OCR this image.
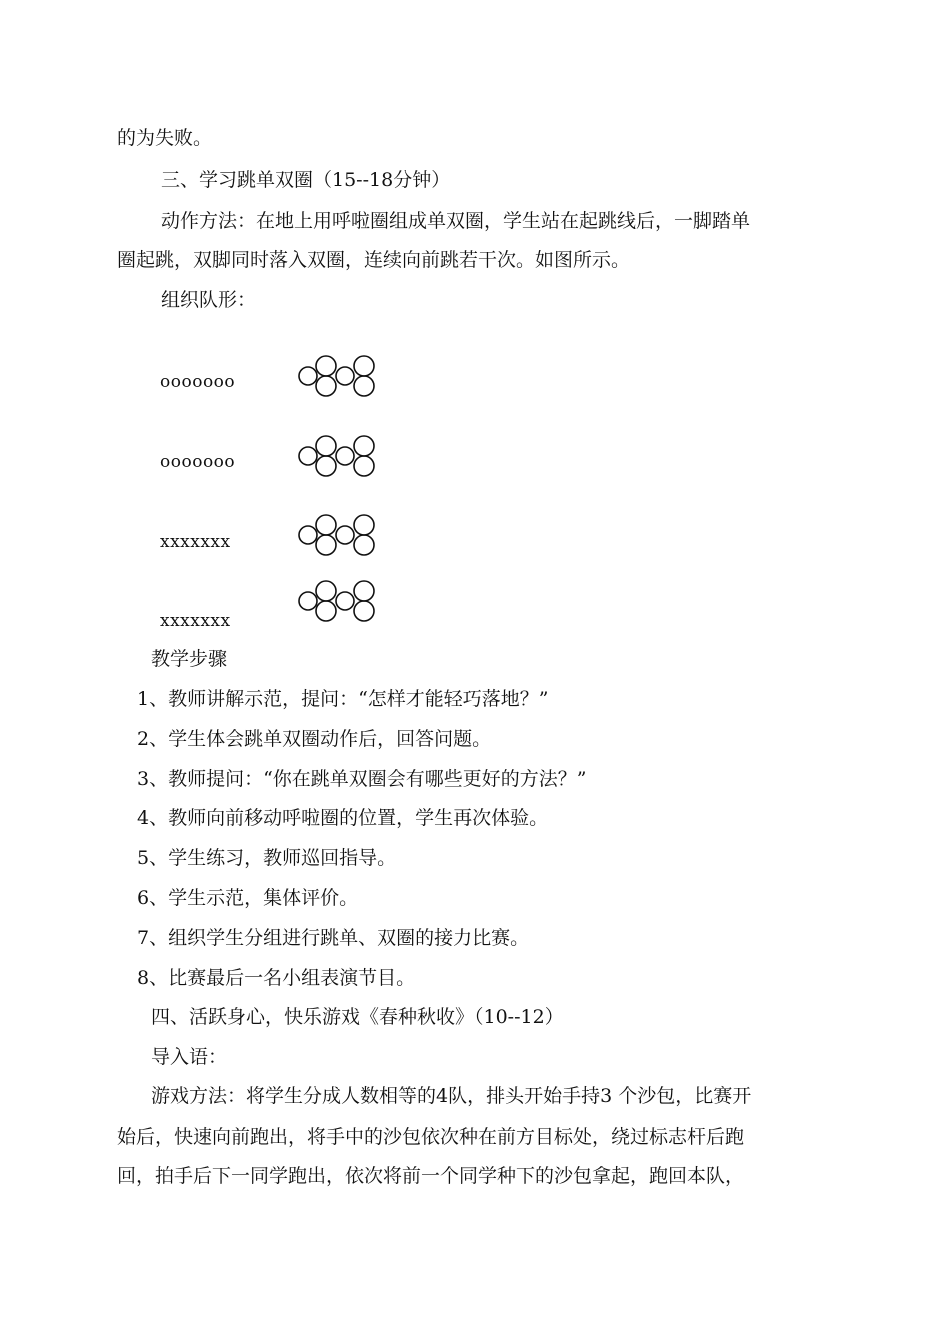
的为失败。
三、学习跳单双圈（15--18分钟）
动作方法：在地上用呼啦圈组成单双圈，学生站在起跳线后，一脚踏单
圈起跳，双脚同时落入双圈，连续向前跳若干次。如图所示。
组织队形：
ooooooo
ooooooo
xxxxxxx
xxxxxxx
教学步骤
1、教师讲解示范，提问：“怎样才能轻巧落地？”
2、学生体会跳单双圈动作后，回答问题。
3、教师提问：“你在跳单双圈会有哪些更好的方法？”
4、教师向前移动呼啦圈的位置，学生再次体验。
5、学生练习，教师巡回指导。
6、学生示范，集体评价。
7、组织学生分组进行跳单、双圈的接力比赛。
8、比赛最后一名小组表演节目。
四、活跃身心，快乐游戏《春种秋收》（10--12）
导入语：
游戏方法：将学生分成人数相等的4队，排头开始手持3 个沙包，比赛开
始后，快速向前跑出，将手中的沙包依次种在前方目标处，绕过标志杆后跑
回，拍手后下一同学跑出，依次将前一个同学种下的沙包拿起，跑回本队，
